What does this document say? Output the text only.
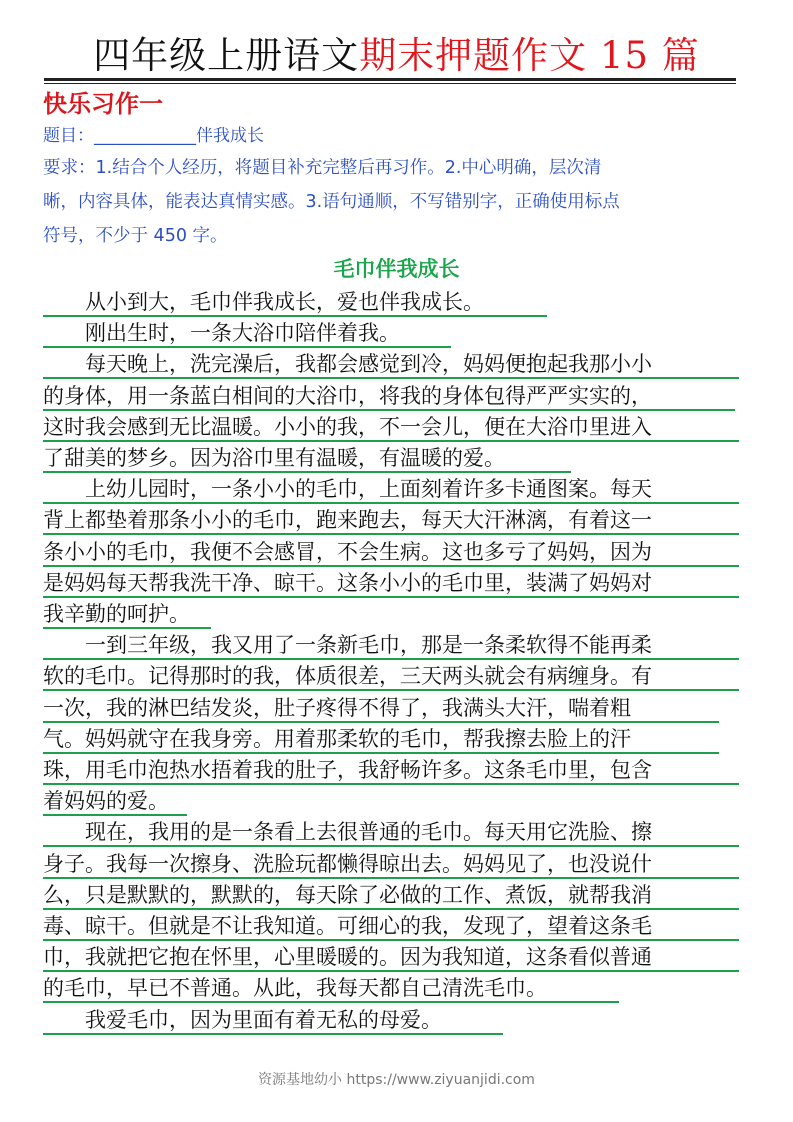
四年级上册语文期末押题作文 15 篇
快乐习作一
题目：____________伴我成长
要求：1.结合个人经历，将题目补充完整后再习作。2.中心明确，层次清
晰，内容具体，能表达真情实感。3.语句通顺，不写错别字，正确使用标点
符号，不少于 450 字。
毛巾伴我成长
　　从小到大，毛巾伴我成长，爱也伴我成长。
　　刚出生时，一条大浴巾陪伴着我。
　　每天晚上，洗完澡后，我都会感觉到冷，妈妈便抱起我那小小
的身体，用一条蓝白相间的大浴巾，将我的身体包得严严实实的，
这时我会感到无比温暖。小小的我，不一会儿，便在大浴巾里进入
了甜美的梦乡。因为浴巾里有温暖，有温暖的爱。
　　上幼儿园时，一条小小的毛巾，上面刻着许多卡通图案。每天
背上都垫着那条小小的毛巾，跑来跑去，每天大汗淋漓，有着这一
条小小的毛巾，我便不会感冒，不会生病。这也多亏了妈妈，因为
是妈妈每天帮我洗干净、晾干。这条小小的毛巾里，装满了妈妈对
我辛勤的呵护。
　　一到三年级，我又用了一条新毛巾，那是一条柔软得不能再柔
软的毛巾。记得那时的我，体质很差，三天两头就会有病缠身。有
一次，我的淋巴结发炎，肚子疼得不得了，我满头大汗，喘着粗
气。妈妈就守在我身旁。用着那柔软的毛巾，帮我擦去脸上的汗
珠，用毛巾泡热水捂着我的肚子，我舒畅许多。这条毛巾里，包含
着妈妈的爱。
　　现在，我用的是一条看上去很普通的毛巾。每天用它洗脸、擦
身子。我每一次擦身、洗脸玩都懒得晾出去。妈妈见了，也没说什
么，只是默默的，默默的，每天除了必做的工作、煮饭，就帮我消
毒、晾干。但就是不让我知道。可细心的我，发现了，望着这条毛
巾，我就把它抱在怀里，心里暖暖的。因为我知道，这条看似普通
的毛巾，早已不普通。从此，我每天都自己清洗毛巾。
　　我爱毛巾，因为里面有着无私的母爱。
资源基地幼小 https://www.ziyuanjidi.com
